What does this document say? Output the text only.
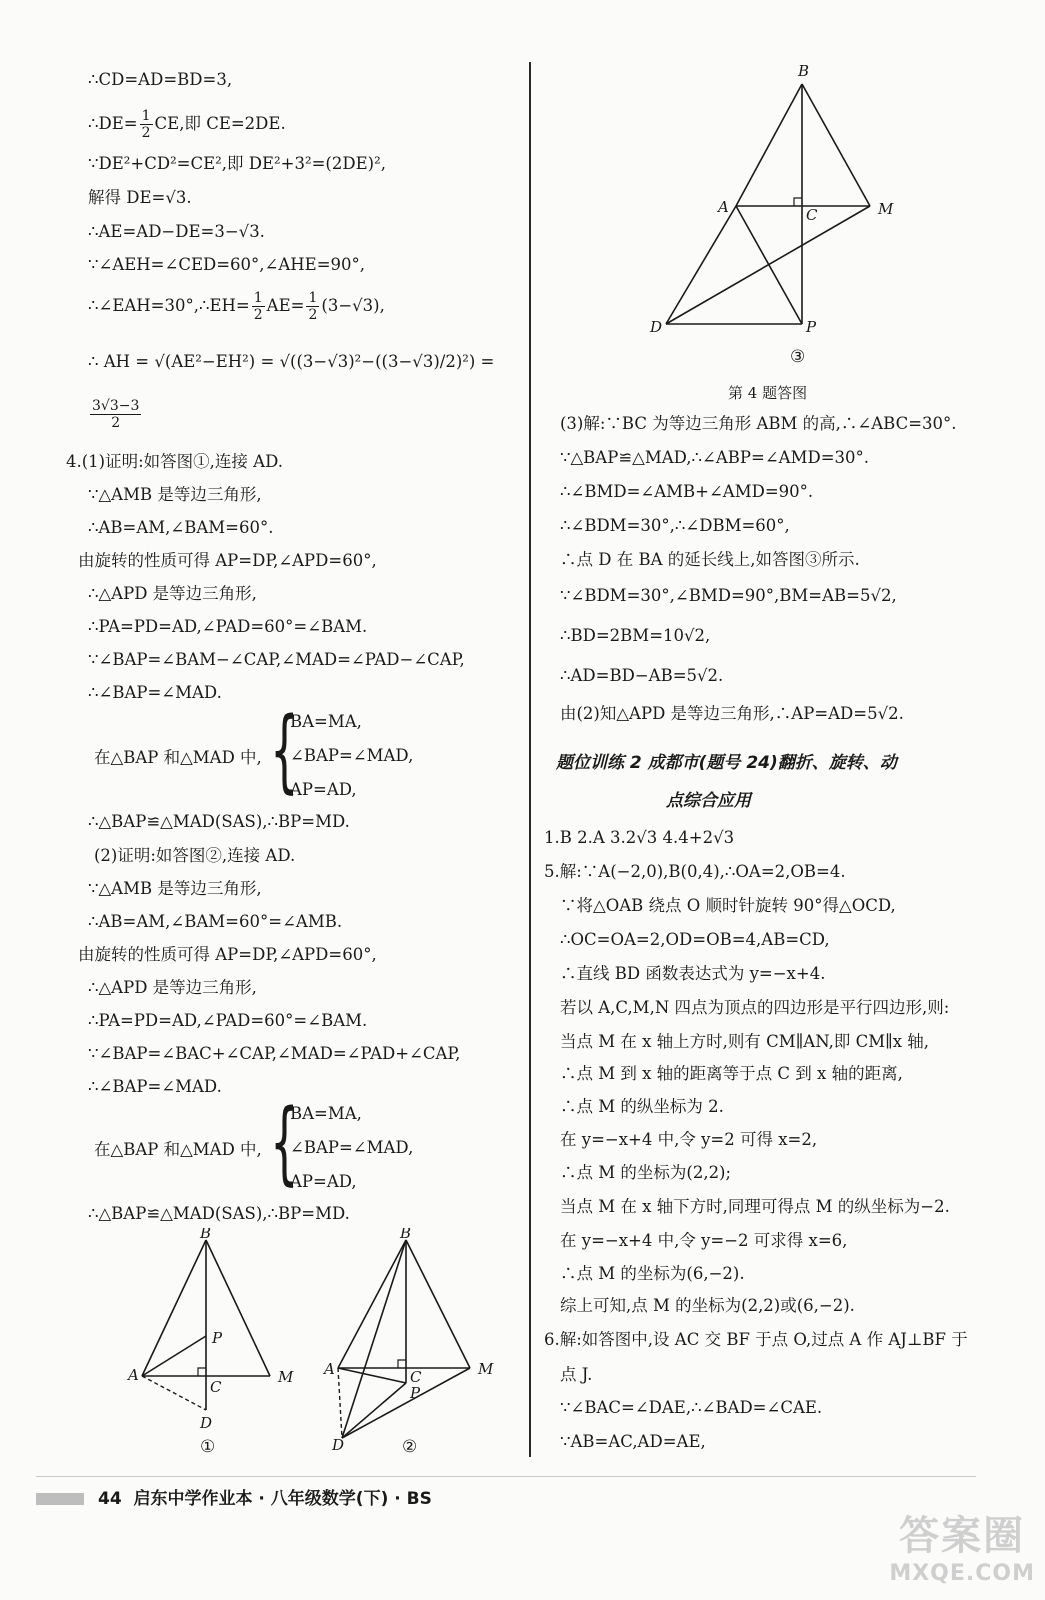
∴CD=AD=BD=3,
∴DE= $\frac{1}{2}$ CE,即 CE=2DE.
∵DE²+CD²=CE²,即 DE²+3²=(2DE)²,
解得 DE=√3.
∴AE=AD−DE=3−√3.
∵∠AEH=∠CED=60°,∠AHE=90°,
∴∠EAH=30°,∴EH= $\frac{1}{2} AE= \frac{1}{2} (3-√3)$,
∴ AH = √(AE²−EH²) = √((3−√3)²−((3−√3)/2)²) =
$\frac{3√3-3}{2}$
4.(1)证明:如答图①,连接 AD.
∵△AMB 是等边三角形,
∴AB=AM,∠BAM=60°.
由旋转的性质可得 AP=DP,∠APD=60°,
∴△APD 是等边三角形,
∴PA=PD=AD,∠PAD=60°=∠BAM.
∵∠BAP=∠BAM−∠CAP,∠MAD=∠PAD−∠CAP,
∴∠BAP=∠MAD.
在△BAP 和△MAD 中, {
BA=MA,
∠BAP=∠MAD,
AP=AD,
∴△BAP≌△MAD(SAS),∴BP=MD.
(2)证明:如答图②,连接 AD.
∵△AMB 是等边三角形,
∴AB=AM,∠BAM=60°=∠AMB.
由旋转的性质可得 AP=DP,∠APD=60°,
∴△APD 是等边三角形,
∴PA=PD=AD,∠PAD=60°=∠BAM.
∵∠BAP=∠BAC+∠CAP,∠MAD=∠PAD+∠CAP,
∴∠BAP=∠MAD.
在△BAP 和△MAD 中, {
BA=MA,
∠BAP=∠MAD,
AP=AD,
∴△BAP≌△MAD(SAS),∴BP=MD.
B
P
A
C
M
D
①
B
A	C
P
M
D	②
B
A	C	M
D	P
③
第 4 题答图
(3)解:∵BC 为等边三角形 ABM 的高,∴∠ABC=30°.
∵△BAP≌△MAD,∴∠ABP=∠AMD=30°.
∴∠BMD=∠AMB+∠AMD=90°.
∴∠BDM=30°,∴∠DBM=60°,
∴点 D 在 BA 的延长线上,如答图③所示.
∵∠BDM=30°,∠BMD=90°,BM=AB=5√2,
∴BD=2BM=10√2,
∴AD=BD−AB=5√2.
由(2)知△APD 是等边三角形,∴AP=AD=5√2.
题位训练 2 成都市(题号 24)翻折、旋转、动
点综合应用
1.B 2.A 3.2√3 4.4+2√3
5.解:∵A(−2,0),B(0,4),∴OA=2,OB=4.
∵将△OAB 绕点 O 顺时针旋转 90°得△OCD,
∴OC=OA=2,OD=OB=4,AB=CD,
∴直线 BD 函数表达式为 y=−x+4.
若以 A,C,M,N 四点为顶点的四边形是平行四边形,则:
当点 M 在 x 轴上方时,则有 CM∥AN,即 CM∥x 轴,
∴点 M 到 x 轴的距离等于点 C 到 x 轴的距离,
∴点 M 的纵坐标为 2.
在 y=−x+4 中,令 y=2 可得 x=2,
∴点 M 的坐标为(2,2);
当点 M 在 x 轴下方时,同理可得点 M 的纵坐标为−2.
在 y=−x+4 中,令 y=−2 可求得 x=6,
∴点 M 的坐标为(6,−2).
综上可知,点 M 的坐标为(2,2)或(6,−2).
6.解:如答图中,设 AC 交 BF 于点 O,过点 A 作 AJ⊥BF 于
点 J.
∵∠BAC=∠DAE,∴∠BAD=∠CAE.
∵AB=AC,AD=AE,
44 启东中学作业本 · 八年级数学(下) · BS
答案圈
MXQE.COM
